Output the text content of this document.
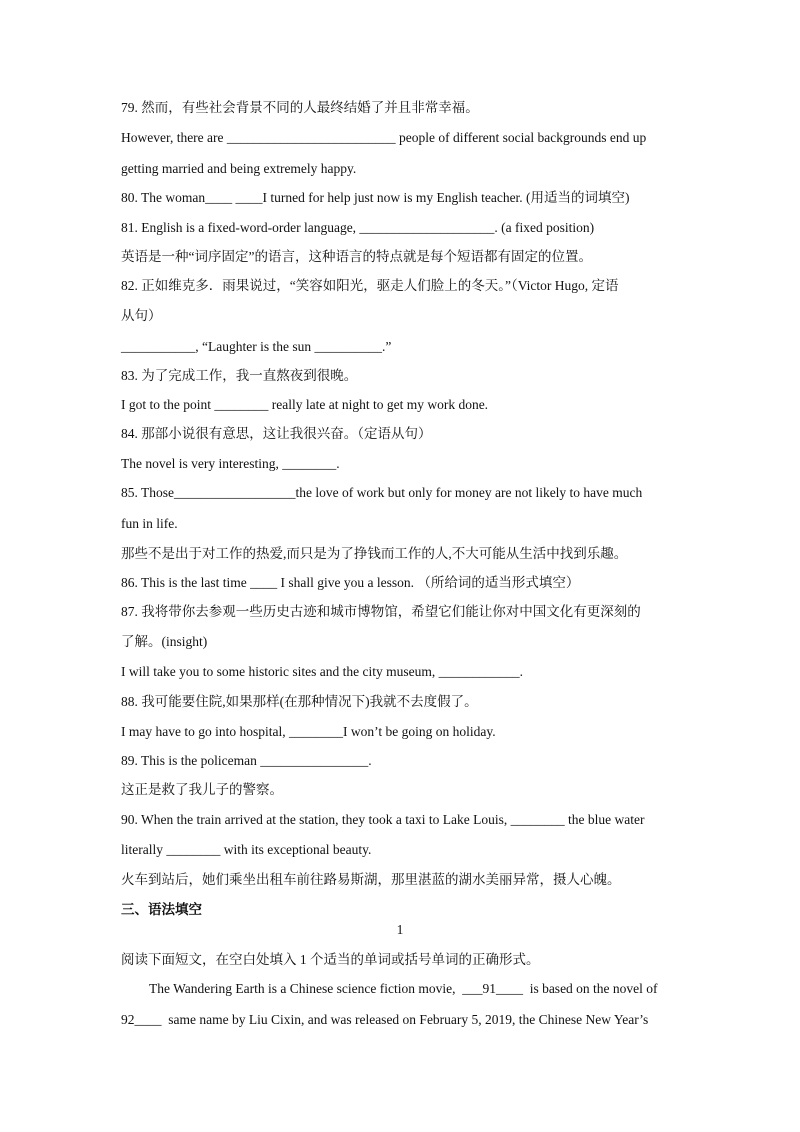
79. 然而，有些社会背景不同的人最终结婚了并且非常幸福。
However, there are _________________________ people of different social backgrounds end up
getting married and being extremely happy.
80. The woman____ ____I turned for help just now is my English teacher. (用适当的词填空)
81. English is a fixed-word-order language, ____________________. (a fixed position)
英语是一种“词序固定”的语言，这种语言的特点就是每个短语都有固定的位置。
82. 正如维克多．雨果说过，“笑容如阳光，驱走人们脸上的冬天。”（Victor Hugo, 定语
从句）
___________, “Laughter is the sun __________.”
83. 为了完成工作，我一直熬夜到很晚。
I got to the point ________ really late at night to get my work done.
84. 那部小说很有意思，这让我很兴奋。（定语从句）
The novel is very interesting, ________.
85. Those__________________the love of work but only for money are not likely to have much
fun in life.
那些不是出于对工作的热爱,而只是为了挣钱而工作的人,不大可能从生活中找到乐趣。
86. This is the last time ____ I shall give you a lesson. （所给词的适当形式填空）
87. 我将带你去参观一些历史古迹和城市博物馆，希望它们能让你对中国文化有更深刻的
了解。(insight)
I will take you to some historic sites and the city museum, ____________.
88. 我可能要住院,如果那样(在那种情况下)我就不去度假了。
I may have to go into hospital, ________I won’t be going on holiday.
89. This is the policeman ________________.
这正是救了我儿子的警察。
90. When the train arrived at the station, they took a taxi to Lake Louis, ________ the blue water
literally ________ with its exceptional beauty.
火车到站后，她们乘坐出租车前往路易斯湖，那里湛蓝的湖水美丽异常，摄人心魄。
三、语法填空
1
阅读下面短文，在空白处填入 1 个适当的单词或括号单词的正确形式。
The Wandering Earth is a Chinese science fiction movie,  ___91____  is based on the novel of
92____  same name by Liu Cixin, and was released on February 5, 2019, the Chinese New Year’s
